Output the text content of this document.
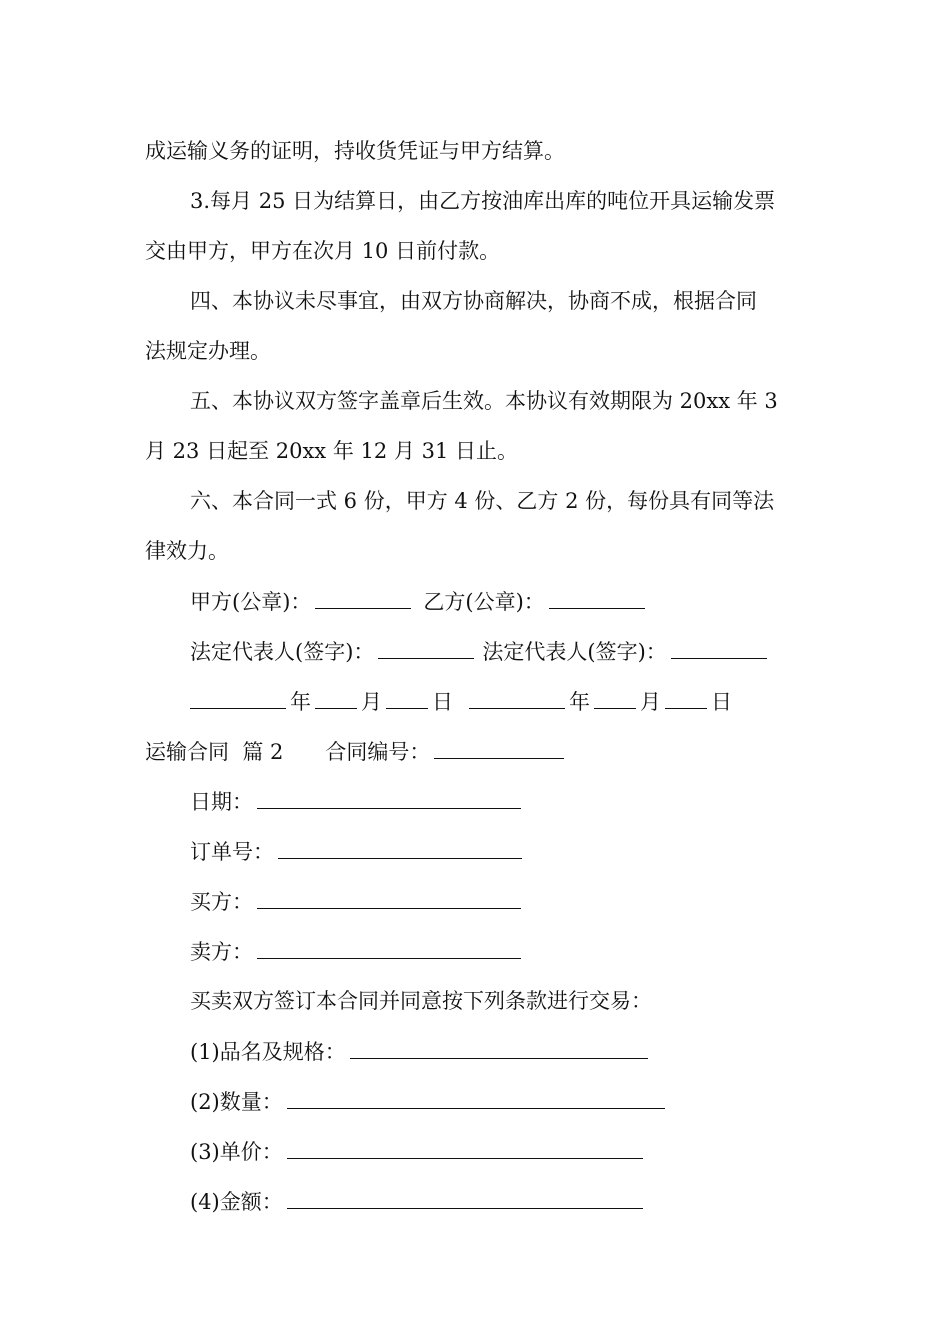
成运输义务的证明，持收货凭证与甲方结算。
3.每月 25 日为结算日，由乙方按油库出库的吨位开具运输发票
交由甲方，甲方在次月 10 日前付款。
四、本协议未尽事宜，由双方协商解决，协商不成，根据合同
法规定办理。
五、本协议双方签字盖章后生效。本协议有效期限为 20xx 年 3
月 23 日起至 20xx 年 12 月 31 日止。
六、本合同一式 6 份，甲方 4 份、乙方 2 份，每份具有同等法
律效力。
甲方(公章)：	乙方(公章)：
法定代表人(签字)：	法定代表人(签字)：
年 月 日	年 月 日
运输合同  篇 2 合同编号：
日期：
订单号：
买方：
卖方：
买卖双方签订本合同并同意按下列条款进行交易：
(1)品名及规格：
(2)数量：
(3)单价：
(4)金额：
